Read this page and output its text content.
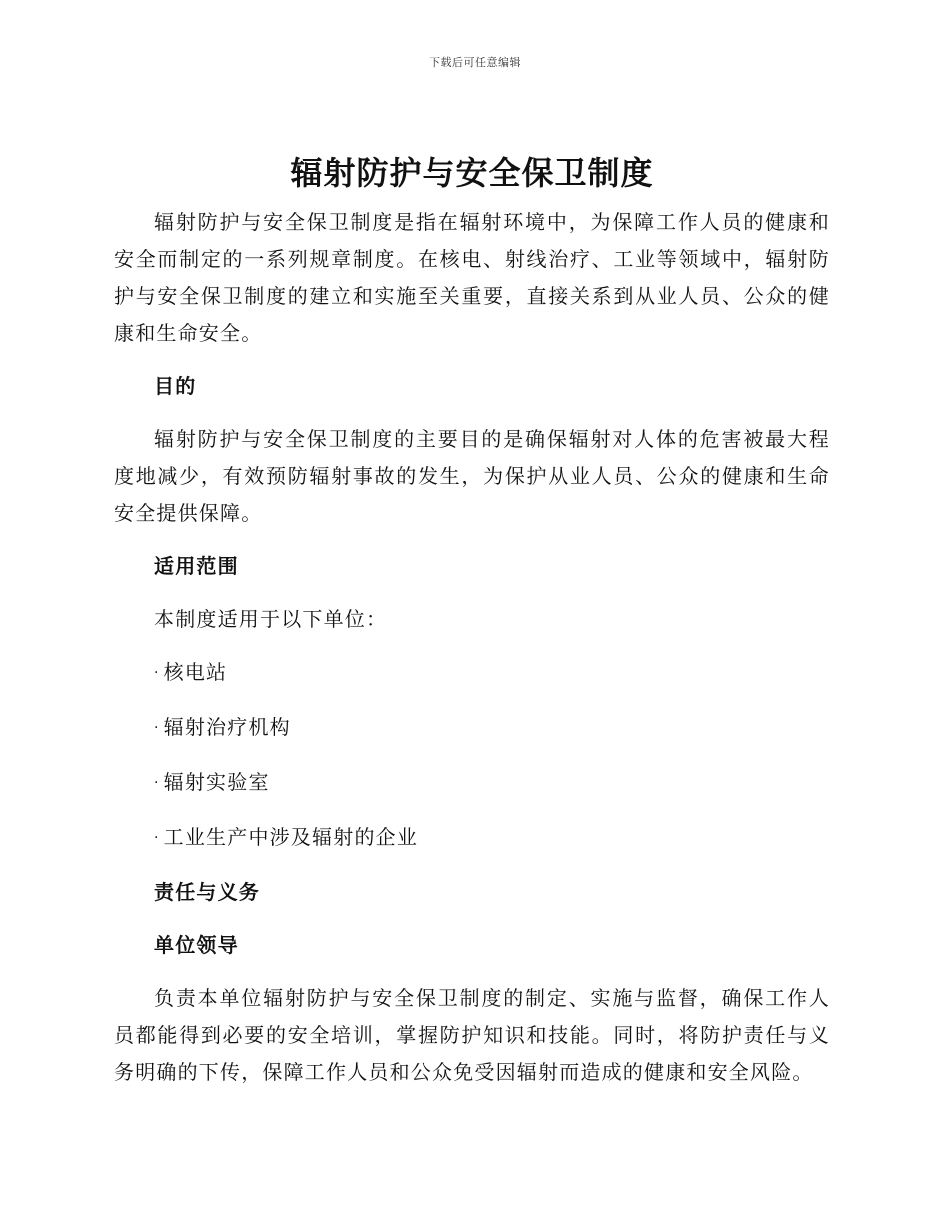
下载后可任意编辑
辐射防护与安全保卫制度

辐射防护与安全保卫制度是指在辐射环境中，为保障工作人员的健康和安全而制定的一系列规章制度。在核电、射线治疗、工业等领域中，辐射防护与安全保卫制度的建立和实施至关重要，直接关系到从业人员、公众的健康和生命安全。

目的

辐射防护与安全保卫制度的主要目的是确保辐射对人体的危害被最大程度地减少，有效预防辐射事故的发生，为保护从业人员、公众的健康和生命安全提供保障。

适用范围
本制度适用于以下单位：
· 核电站
· 辐射治疗机构
· 辐射实验室
· 工业生产中涉及辐射的企业
责任与义务
单位领导

负责本单位辐射防护与安全保卫制度的制定、实施与监督，确保工作人员都能得到必要的安全培训，掌握防护知识和技能。同时，将防护责任与义务明确的下传，保障工作人员和公众免受因辐射而造成的健康和安全风险。
